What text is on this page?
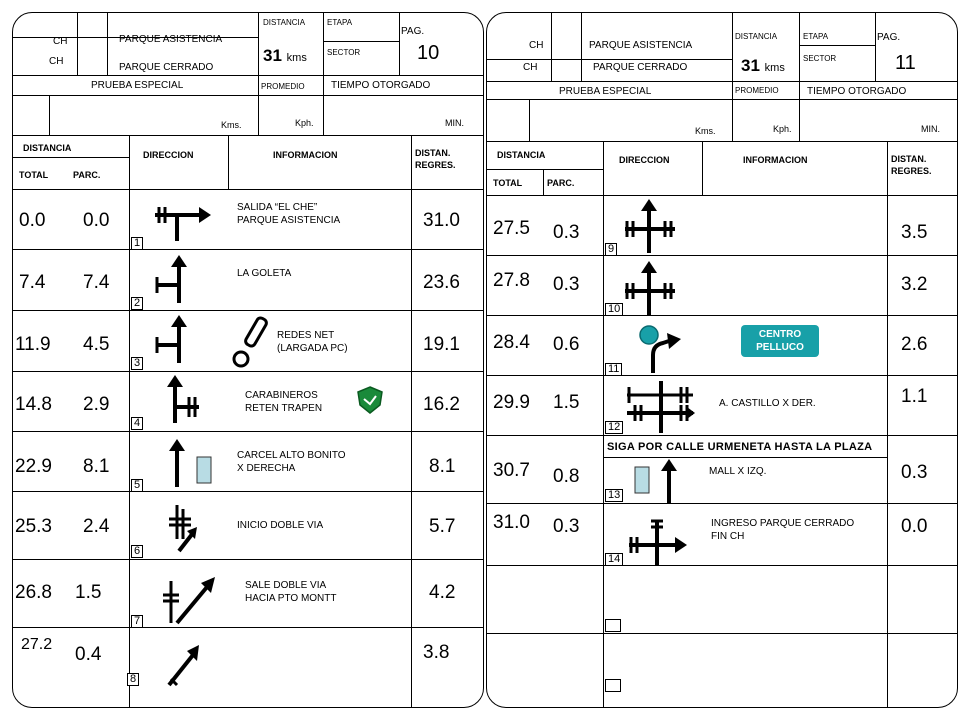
CH
CH
PARQUE ASISTENCIA
PARQUE CERRADO
DISTANCIA	ETAPA
SECTOR
PAG.
31 kms	10
PRUEBA ESPECIAL	PROMEDIO	TIEMPO OTORGADO
Kms.	Kph.	MIN.
DISTANCIA
TOTAL	PARC.
DIRECCION	INFORMACION	DISTAN.
REGRES.
0.0 0.0	31.0
1
SALIDA “EL CHE”
PARQUE ASISTENCIA
7.4 7.4	23.6
2
LA GOLETA
11.9 4.5	19.1
3
REDES NET
(LARGADA PC)
14.8 2.9	16.2
4
CARABINEROS
RETEN TRAPEN
22.9 8.1	8.1
5
CARCEL ALTO BONITO
X DERECHA
25.3 2.4	5.7
6
INICIO DOBLE VIA
26.8 1.5	4.2
7
SALE DOBLE VIA
HACIA PTO MONTT
27.2 0.4	3.8
8
CH
CH
PARQUE ASISTENCIA
PARQUE CERRADO
DISTANCIA	ETAPA
SECTOR
PAG.
31 kms	11
PRUEBA ESPECIAL	PROMEDIO	TIEMPO OTORGADO
Kms.	Kph.	MIN.
DISTANCIA
TOTAL	PARC.
DIRECCION	INFORMACION	DISTAN.
REGRES.
27.5 0.3	3.5
9
27.8 0.3	3.2
10
28.4 0.6	2.6
11
CENTRO
PELLUCO
29.9 1.5	1.1
12
A. CASTILLO X DER.
SIGA POR CALLE URMENETA HASTA LA PLAZA
30.7 0.8	0.3
13
MALL X IZQ.
31.0 0.3	0.0
14
INGRESO PARQUE CERRADO
FIN CH
